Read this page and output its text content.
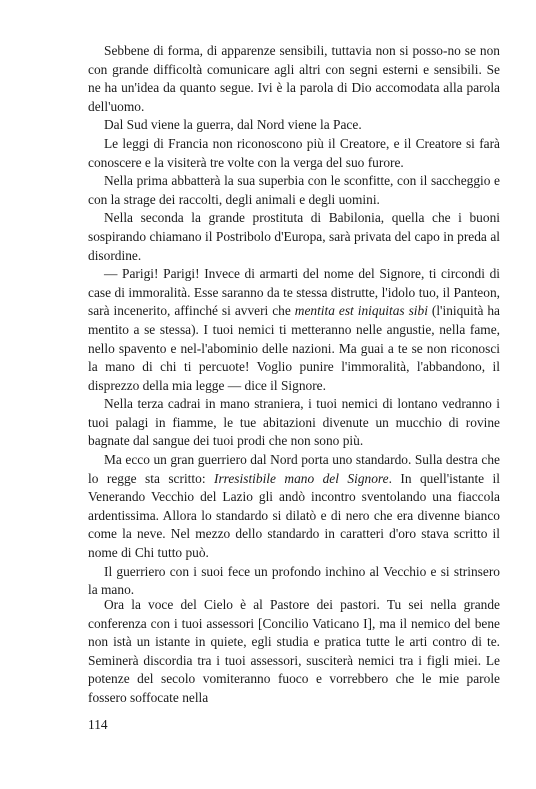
Sebbene di forma, di apparenze sensibili, tuttavia non si posso-no se non con grande difficoltà comunicare agli altri con segni esterni e sensibili. Se ne ha un'idea da quanto segue. Ivi è la parola di Dio accomodata alla parola dell'uomo.

Dal Sud viene la guerra, dal Nord viene la Pace.

Le leggi di Francia non riconoscono più il Creatore, e il Creatore si farà conoscere e la visiterà tre volte con la verga del suo furore.

Nella prima abbatterà la sua superbia con le sconfitte, con il saccheggio e con la strage dei raccolti, degli animali e degli uomini.

Nella seconda la grande prostituta di Babilonia, quella che i buoni sospirando chiamano il Postribolo d'Europa, sarà privata del capo in preda al disordine.

— Parigi! Parigi! Invece di armarti del nome del Signore, ti circondi di case di immoralità. Esse saranno da te stessa distrutte, l'idolo tuo, il Panteon, sarà incenerito, affinché si avveri che mentita est iniquitas sibi (l'iniquità ha mentito a se stessa). I tuoi nemici ti metteranno nelle angustie, nella fame, nello spavento e nel-l'abominio delle nazioni. Ma guai a te se non riconosci la mano di chi ti percuote! Voglio punire l'immoralità, l'abbandono, il disprezzo della mia legge — dice il Signore.

Nella terza cadrai in mano straniera, i tuoi nemici di lontano vedranno i tuoi palagi in fiamme, le tue abitazioni divenute un mucchio di rovine bagnate dal sangue dei tuoi prodi che non sono più.

Ma ecco un gran guerriero dal Nord porta uno standardo. Sulla destra che lo regge sta scritto: Irresistibile mano del Signore. In quell'istante il Venerando Vecchio del Lazio gli andò incontro sventolando una fiaccola ardentissima. Allora lo standardo si dilatò e di nero che era divenne bianco come la neve. Nel mezzo dello standardo in caratteri d'oro stava scritto il nome di Chi tutto può.

Il guerriero con i suoi fece un profondo inchino al Vecchio e si strinsero la mano.

Ora la voce del Cielo è al Pastore dei pastori. Tu sei nella grande conferenza con i tuoi assessori [Concilio Vaticano I], ma il nemico del bene non istà un istante in quiete, egli studia e pratica tutte le arti contro di te. Seminerà discordia tra i tuoi assessori, susciterà nemici tra i figli miei. Le potenze del secolo vomiteranno fuoco e vorrebbero che le mie parole fossero soffocate nella

114
